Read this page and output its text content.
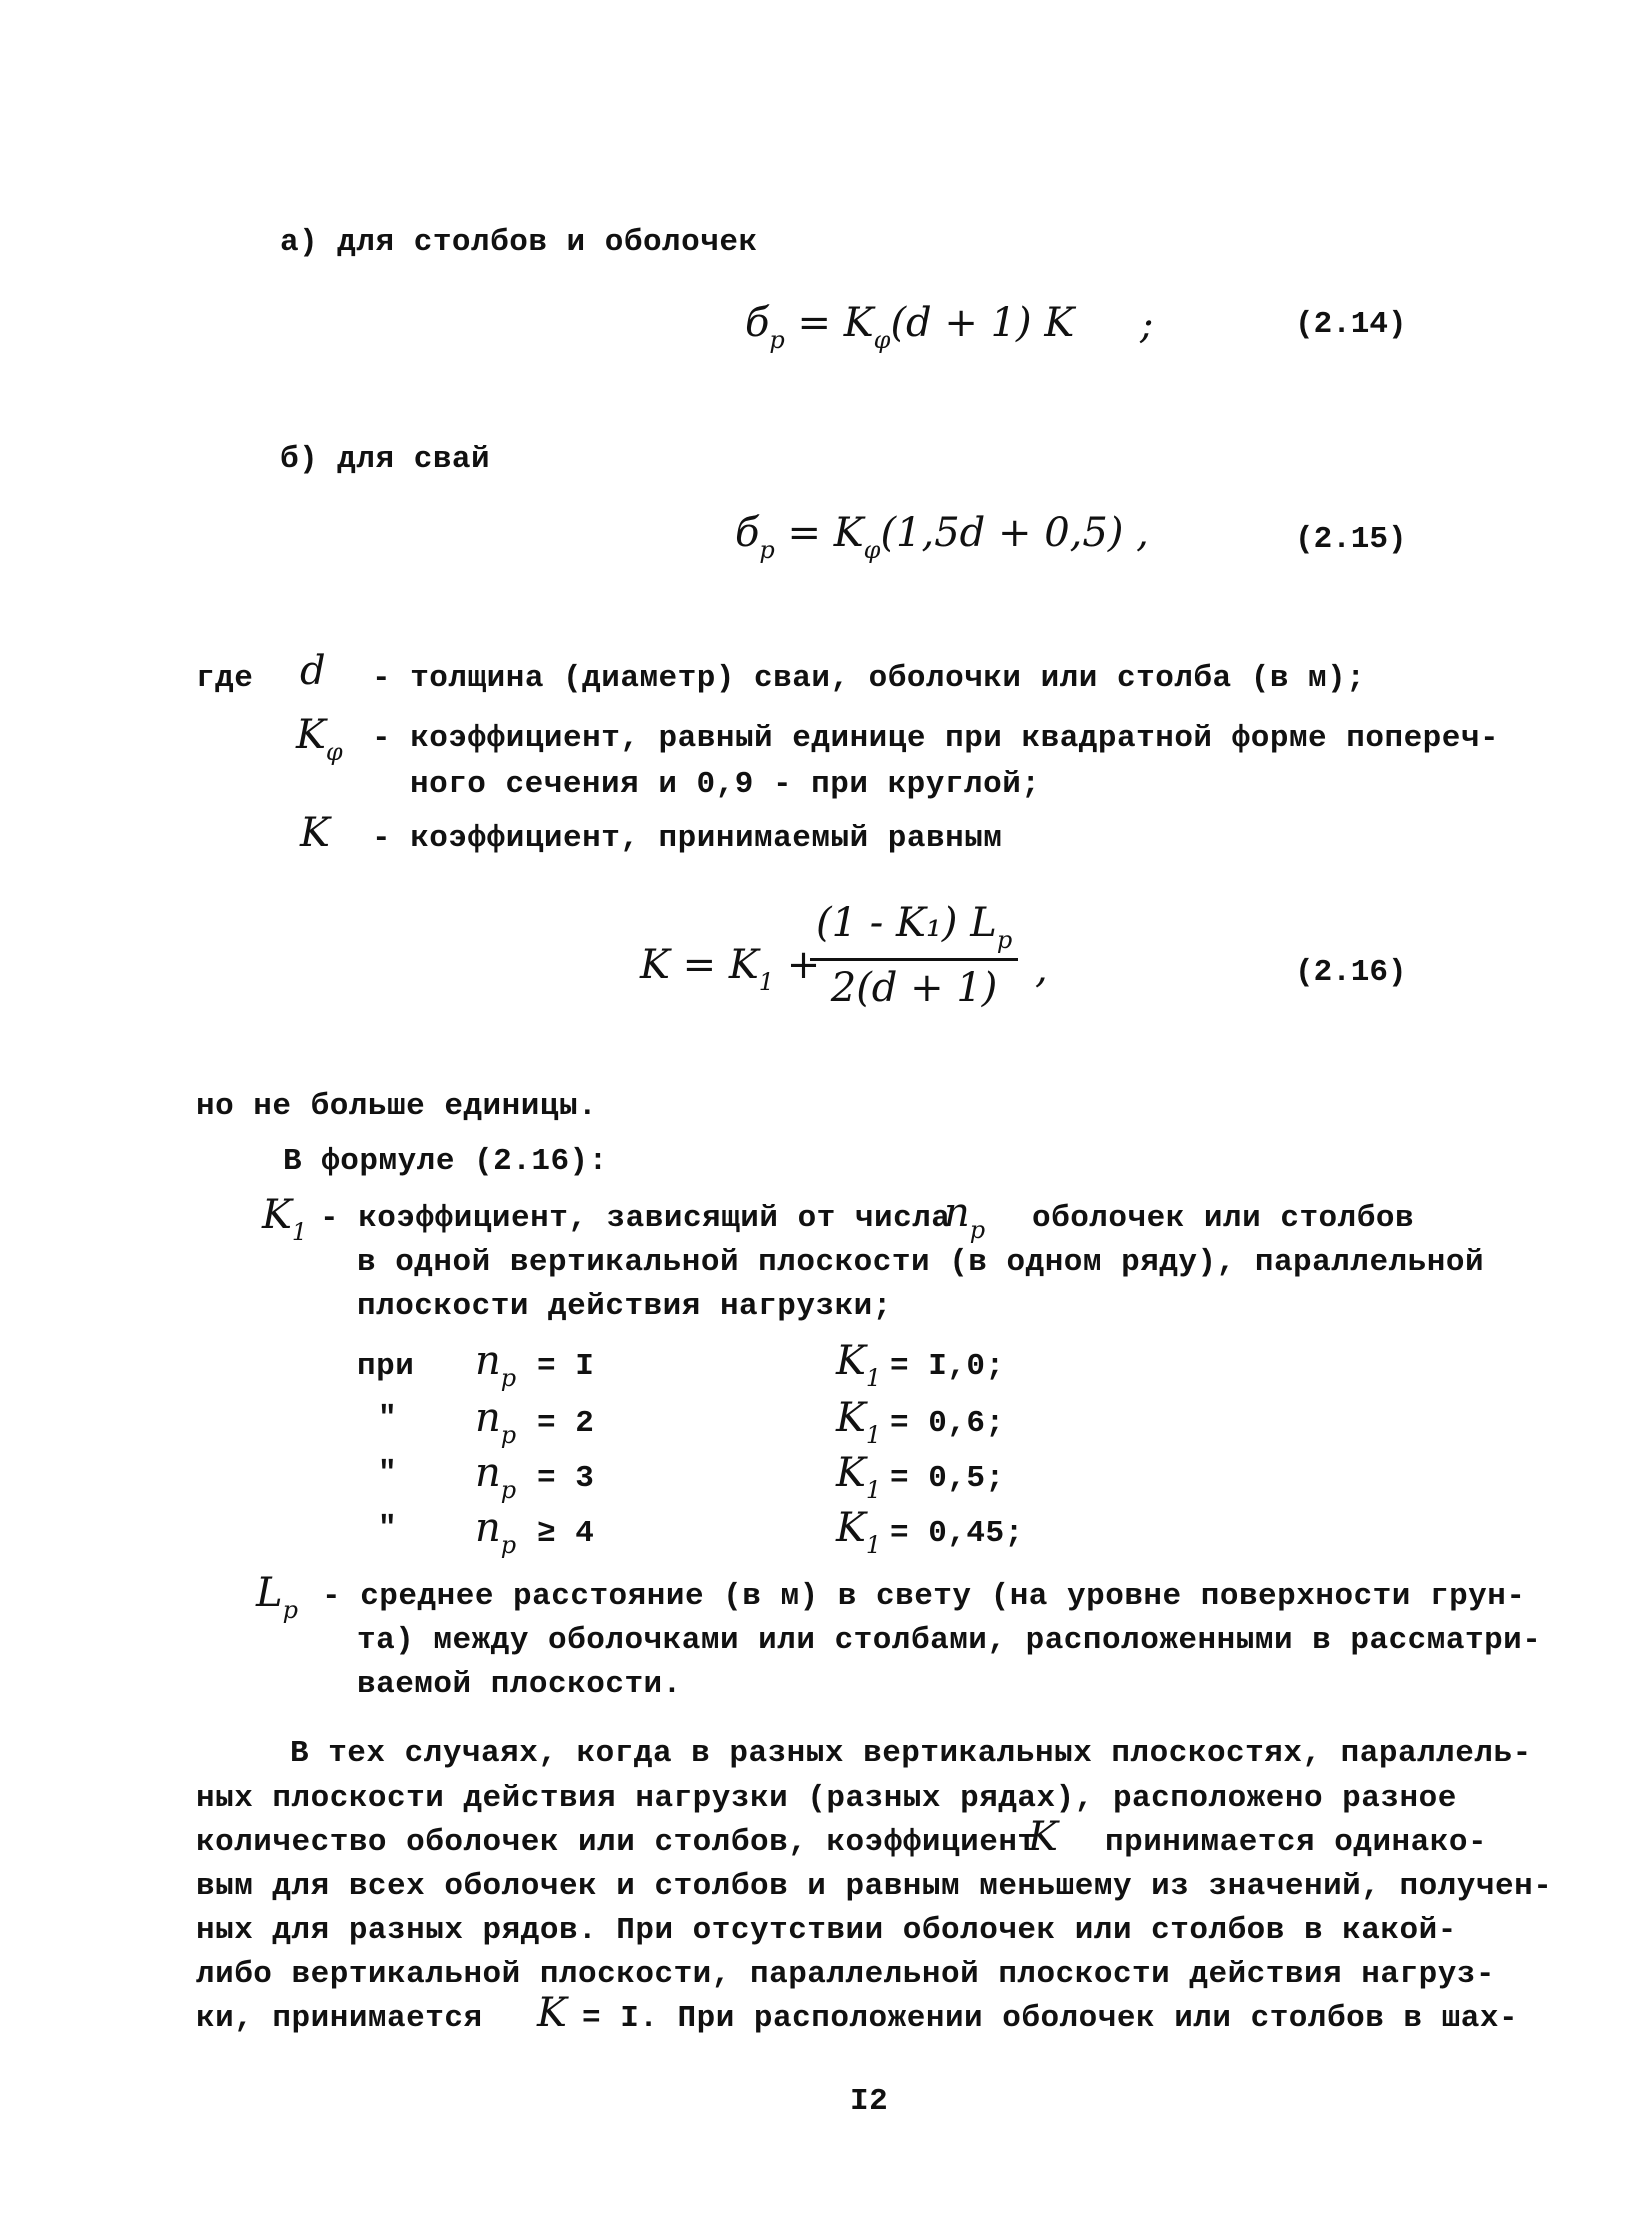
а) для столбов и оболочек
$б_p = K_\varphi(d + 1)$ K ;	(2.14)
б) для свай
$б_p = K_\varphi(1,5d + 0,5)$ ,	(2.15)
где d - толщина (диаметр) сваи, оболочки или столба (в м);
$K_\varphi$ - коэффициент, равный единице при квадратной форме попереч-
ного сечения и 0,9 - при круглой;
K - коэффициент, принимаемый равным
$K = K_1$ +
$\frac{(1 - K_1) L_p}{2(d + 1)}$ ,	(2.16)
но не больше единицы.
В формуле (2.16):
$K_1$ - коэффициент, зависящий от числа
$n_p$ оболочек или столбов
в одной вертикальной плоскости (в одном ряду), параллельной
плоскости действия нагрузки;
при $n_p = I$	$K_1 = I,0$;
" $n_p = 2$	$K_1 = 0,6$;
" $n_p = 3$	$K_1 = 0,5$;
" $n_p \ge 4$	$K_1 = 0,45$;
$L_p$ - среднее расстояние (в м) в свету (на уровне поверхности грун-
та) между оболочками или столбами, расположенными в рассматри-
ваемой плоскости.
В тех случаях, когда в разных вертикальных плоскостях, параллель-
ных плоскости действия нагрузки (разных рядах), расположено разное
количество оболочек или столбов, коэффициент
K принимается одинако-
вым для всех оболочек и столбов и равным меньшему из значений, получен-
ных для разных рядов. При отсутствии оболочек или столбов в какой-
либо вертикальной плоскости, параллельной плоскости действия нагруз-
ки, принимается K = I. При расположении оболочек или столбов в шах-
I2
